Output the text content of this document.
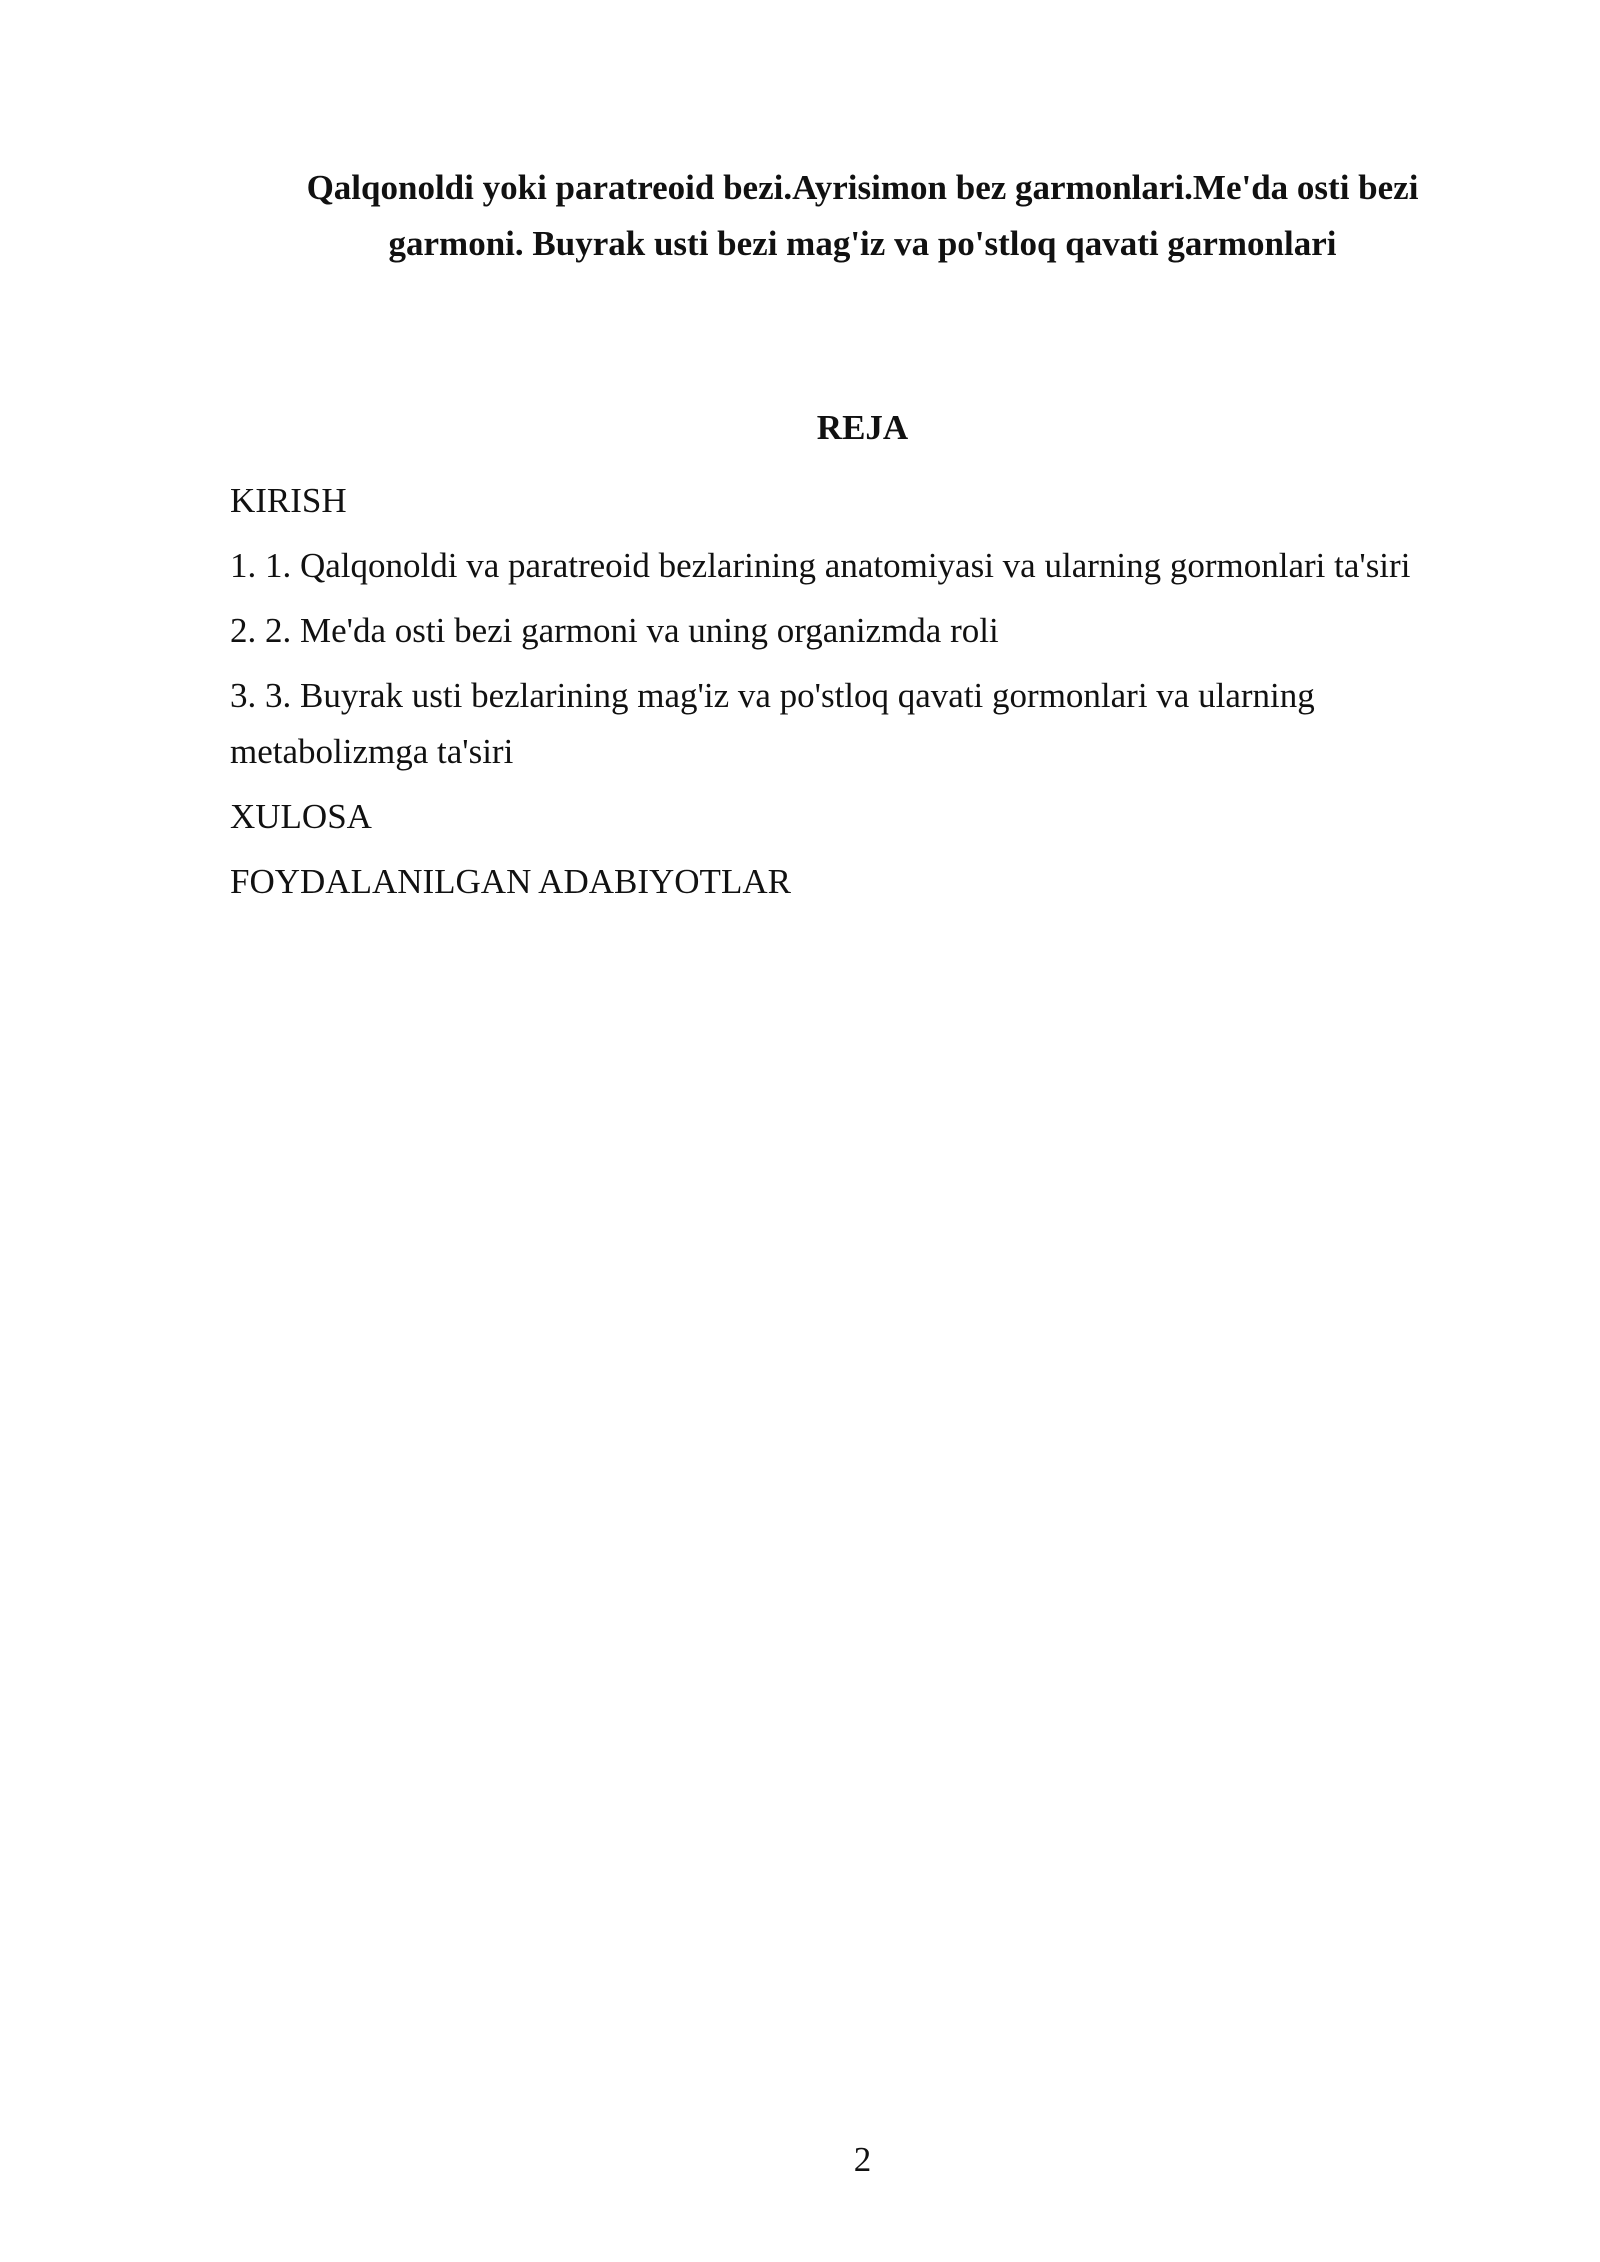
Qalqonoldi yoki paratreoid bezi.Ayrisimon bez garmonlari.Me'da osti bezi garmoni. Buyrak usti bezi mag'iz va po'stloq qavati garmonlari
REJA
KIRISH
1. 1. Qalqonoldi va paratreoid bezlarining anatomiyasi va ularning gormonlari ta'siri
2. 2. Me'da osti bezi garmoni va uning organizmda roli
3. 3. Buyrak usti bezlarining mag'iz va po'stloq qavati gormonlari va ularning metabolizmga ta'siri
XULOSA
FOYDALANILGAN ADABIYOTLAR
2
